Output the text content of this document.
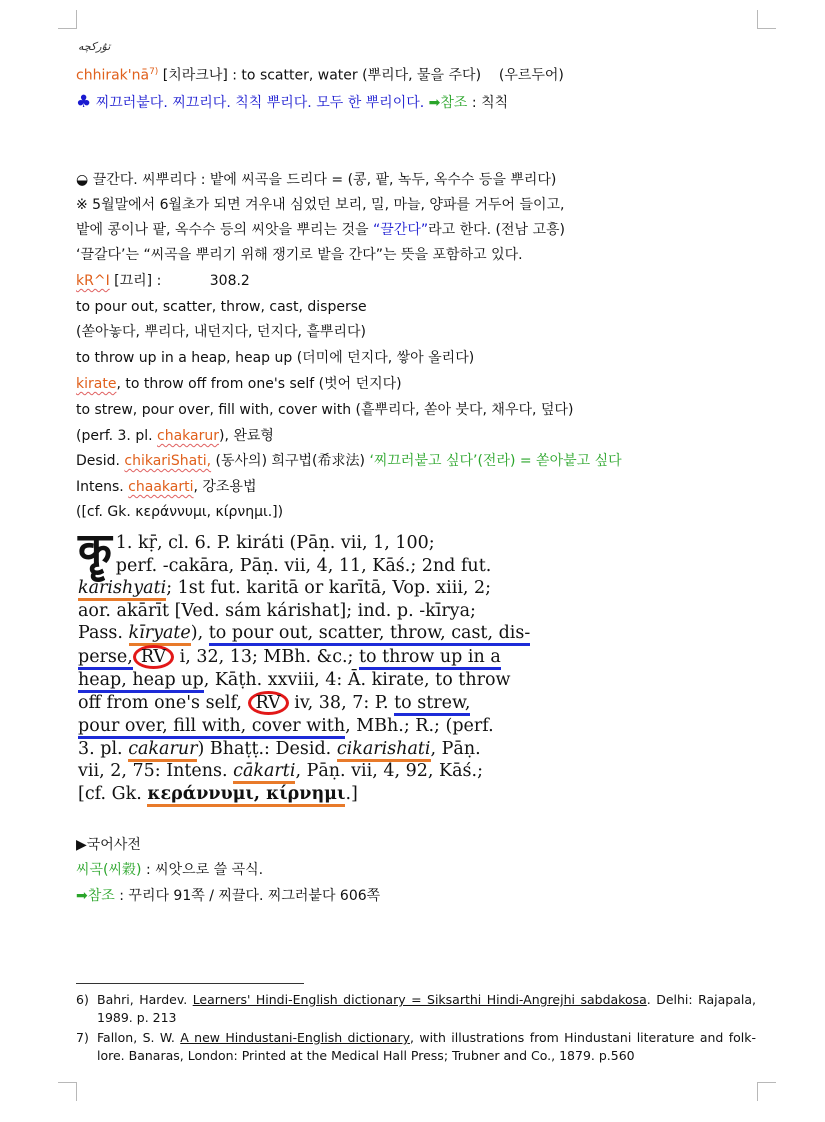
ﺗﯘﺭﻛﭽﻪ
$chhirak'nā^{7)}$ [치라크나] : to scatter, water (뿌리다, 물을 주다) (우르두어)
♣ 찌끄러붙다. 찌끄리다. 칙칙 뿌리다. 모두 한 뿌리이다. ➡참조 : 칙칙
◒ 끌간다. 씨뿌리다 : 밭에 씨곡을 드리다 = (콩, 팥, 녹두, 옥수수 등을 뿌리다)
※ 5월말에서 6월초가 되면 겨우내 심었던 보리, 밀, 마늘, 양파를 거두어 들이고,
밭에 콩이나 팥, 옥수수 등의 씨앗을 뿌리는 것을 “끌간다”라고 한다. (전남 고흥)
‘끌갈다’는 “씨곡을 뿌리기 위해 쟁기로 밭을 간다”는 뜻을 포함하고 있다.
kR^I [끄리] :	308.2
to pour out, scatter, throw, cast, disperse
(쏟아놓다, 뿌리다, 내던지다, 던지다, 흩뿌리다)
to throw up in a heap, heap up (더미에 던지다, 쌓아 올리다)
kirate, to throw off from one's self (벗어 던지다)
to strew, pour over, fill with, cover with (흩뿌리다, 쏟아 붓다, 채우다, 덮다)
(perf. 3. pl. chakarur), 완료형
Desid. chikariShati, (동사의) 희구법(希求法) ‘찌끄러붙고 싶다’(전라) = 쏟아붙고 싶다
Intens. chaakarti, 강조용법
([cf. Gk. κεράννυμι, κίρνημι.])
कॄ 1. kṝ, cl. 6. P. kiráti (Pāṇ. vii, 1, 100;
perf. -cakāra, Pāṇ. vii, 4, 11, Kāś.; 2nd fut.
karishyati; 1st fut. karitā or karītā, Vop. xiii, 2;
aor. akārīt [Ved. sám kárishat]; ind. p. -kīrya;
Pass. kīryate), to pour out, scatter, throw, cast, dis-
perse, RV i, 32, 13; MBh. &c.; to throw up in a
heap, heap up, Kāṭh. xxviii, 4: Ā. kirate, to throw
off from one's self, RV iv, 38, 7: P. to strew,
pour over, fill with, cover with, MBh.; R.; (perf.
3. pl. cakarur) Bhaṭṭ.: Desid. cikarishati, Pāṇ.
vii, 2, 75: Intens. cākarti, Pāṇ. vii, 4, 92, Kāś.;
[cf. Gk. κεράννυμι, κίρνημι.]
▶국어사전
씨곡(씨穀) : 씨앗으로 쓸 곡식.
➡참조 : 꾸리다 91쪽 / 찌끌다. 찌그러붙다 606쪽
6) Bahri, Hardev. Learners' Hindi-English dictionary = Siksarthi Hindi-Angrejhi sabdakosa. Delhi: Rajapala, 1989. p. 213
7) Fallon, S. W. A new Hindustani-English dictionary, with illustrations from Hindustani literature and folk-lore. Banaras, London: Printed at the Medical Hall Press; Trubner and Co., 1879. p.560
